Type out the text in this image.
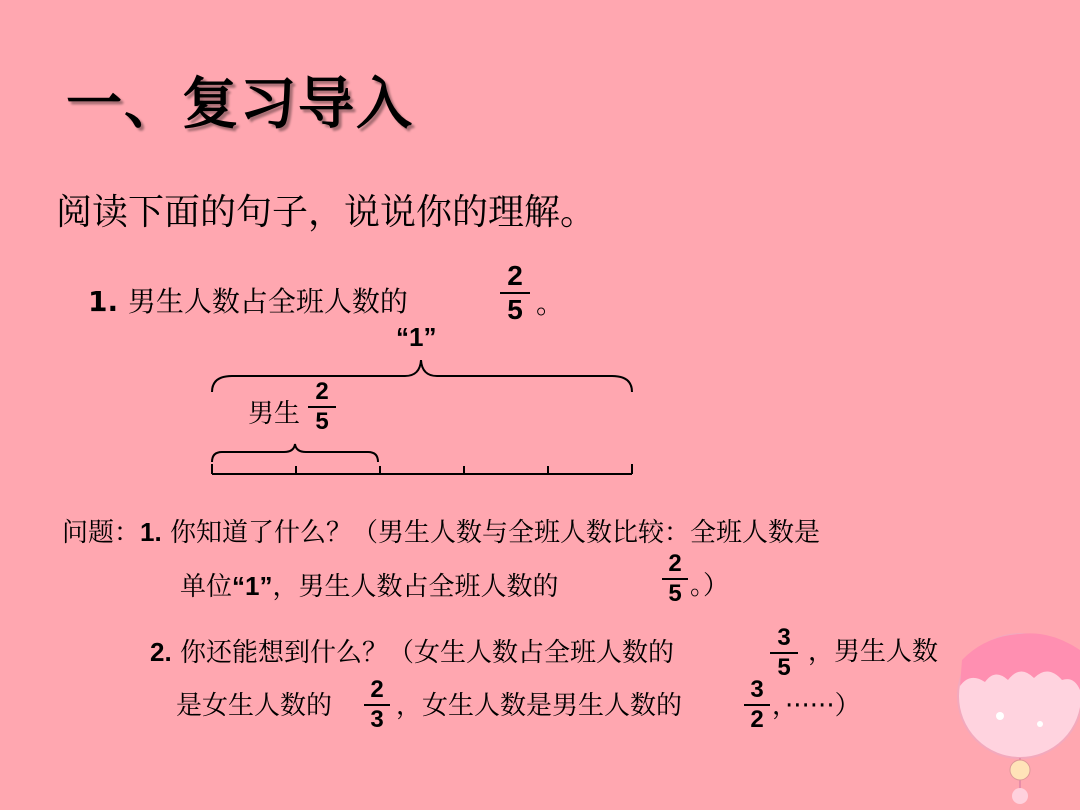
一、复习导入
阅读下面的句子，说说你的理解。
1. 男生人数占全班人数的
2
5 。
“1”
男生
2
5
问题：1. 你知道了什么？（男生人数与全班人数比较：全班人数是
单位“1”，男生人数占全班人数的
2
5 。）
2. 你还能想到什么？（女生人数占全班人数的
3
5
，男生人数
是女生人数的
2
3 ，女生人数是男生人数的
3
2 ，······）
